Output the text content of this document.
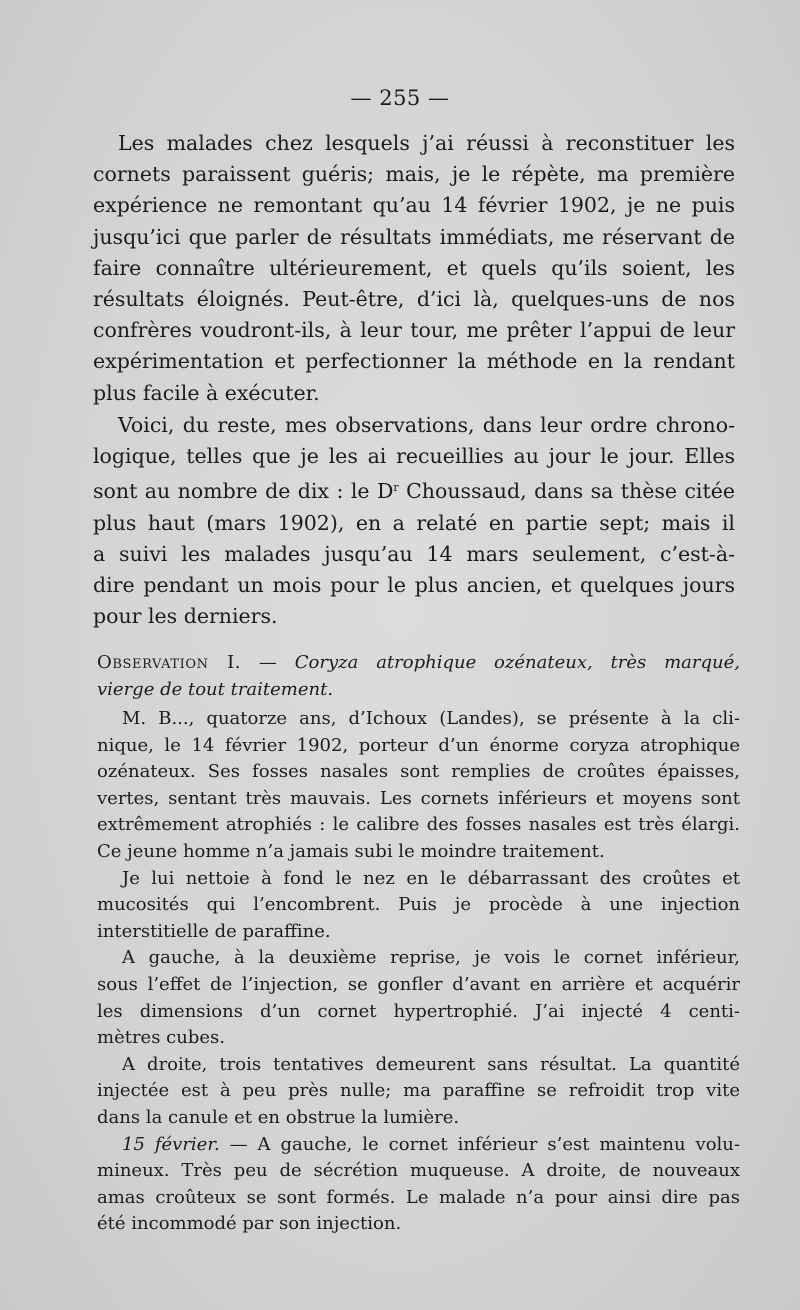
— 255 —

Les malades chez lesquels j’ai réussi à reconstituer les
cornets paraissent guéris; mais, je le répète, ma première
expérience ne remontant qu’au 14 février 1902, je ne puis
jusqu’ici que parler de résultats immédiats, me réservant de
faire connaître ultérieurement, et quels qu’ils soient, les
résultats éloignés. Peut-être, d’ici là, quelques-uns de nos
confrères voudront-ils, à leur tour, me prêter l’appui de leur
expérimentation et perfectionner la méthode en la rendant
plus facile à exécuter.

Voici, du reste, mes observations, dans leur ordre chrono-
logique, telles que je les ai recueillies au jour le jour. Elles
sont au nombre de dix : le $D^r$ Choussaud, dans sa thèse citée
plus haut (mars 1902), en a relaté en partie sept; mais il
a suivi les malades jusqu’au 14 mars seulement, c’est-à-
dire pendant un mois pour le plus ancien, et quelques jours
pour les derniers.

Observation I. — Coryza atrophique ozénateux, très marqué,
vierge de tout traitement.

M. B..., quatorze ans, d’Ichoux (Landes), se présente à la cli-
nique, le 14 février 1902, porteur d’un énorme coryza atrophique
ozénateux. Ses fosses nasales sont remplies de croûtes épaisses,
vertes, sentant très mauvais. Les cornets inférieurs et moyens sont
extrêmement atrophiés : le calibre des fosses nasales est très élargi.
Ce jeune homme n’a jamais subi le moindre traitement.

Je lui nettoie à fond le nez en le débarrassant des croûtes et
mucosités qui l’encombrent. Puis je procède à une injection
interstitielle de paraffine.

A gauche, à la deuxième reprise, je vois le cornet inférieur,
sous l’effet de l’injection, se gonfler d’avant en arrière et acquérir
les dimensions d’un cornet hypertrophié. J’ai injecté 4 centi-
mètres cubes.

A droite, trois tentatives demeurent sans résultat. La quantité
injectée est à peu près nulle; ma paraffine se refroidit trop vite
dans la canule et en obstrue la lumière.

15 février. — A gauche, le cornet inférieur s’est maintenu volu-
mineux. Très peu de sécrétion muqueuse. A droite, de nouveaux
amas croûteux se sont formés. Le malade n’a pour ainsi dire pas
été incommodé par son injection.
